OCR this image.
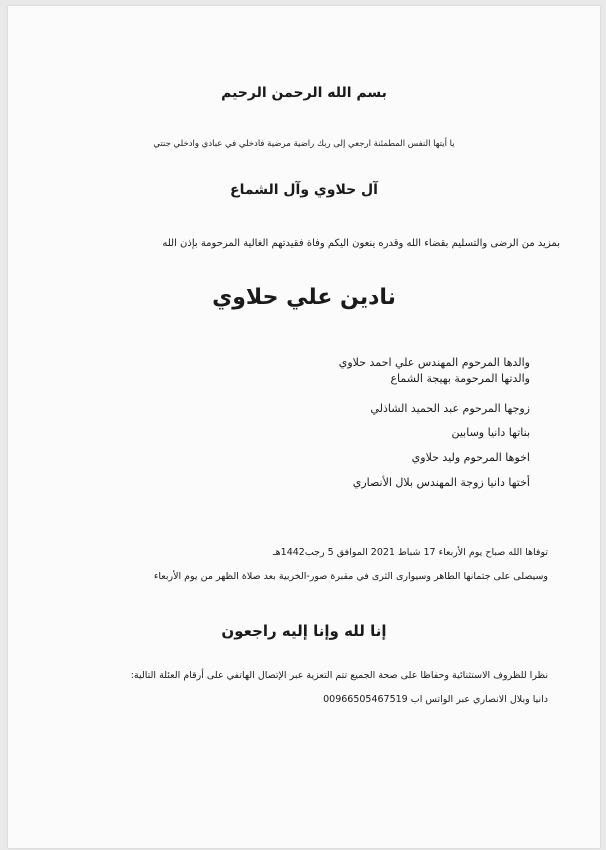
بسم الله الرحمن الرحيم
يا أيتها النفس المطمئنة ارجعي إلى ربك راضية مرضية فادخلي في عبادي وادخلي جنتي
آل حلاوي وآل الشماع
بمزيد من الرضى والتسليم بقضاء الله وقدره ينعون اليكم وفاة فقيدتهم الغالية المرحومة بإذن الله
نادين علي حلاوي
والدها المرحوم المهندس علي احمد حلاوي
والدتها المرحومة بهيجة الشماع
زوجها المرحوم عبد الحميد الشاذلي
بناتها دانيا وسابين
اخوها المرحوم وليد حلاوي
أختها دانيا زوجة المهندس بلال الأنصاري
توفاها الله صباح يوم الأربعاء 17 شباط 2021 الموافق 5 رجب1442هـ
وسيصلى على جثمانها الطاهر وسيوارى الثرى في مقبرة صور-الخربية بعد صلاة الظهر من يوم الأربعاء
إنا لله وإنا إليه راجعون
نظرا للظروف الاستثنائية وحفاظا على صحة الجميع تتم التعزية عبر الإتصال الهاتفي على أرقام العئلة التالية:
دانيا وبلال الانصاري عبر الواتس اب 00966505467519
